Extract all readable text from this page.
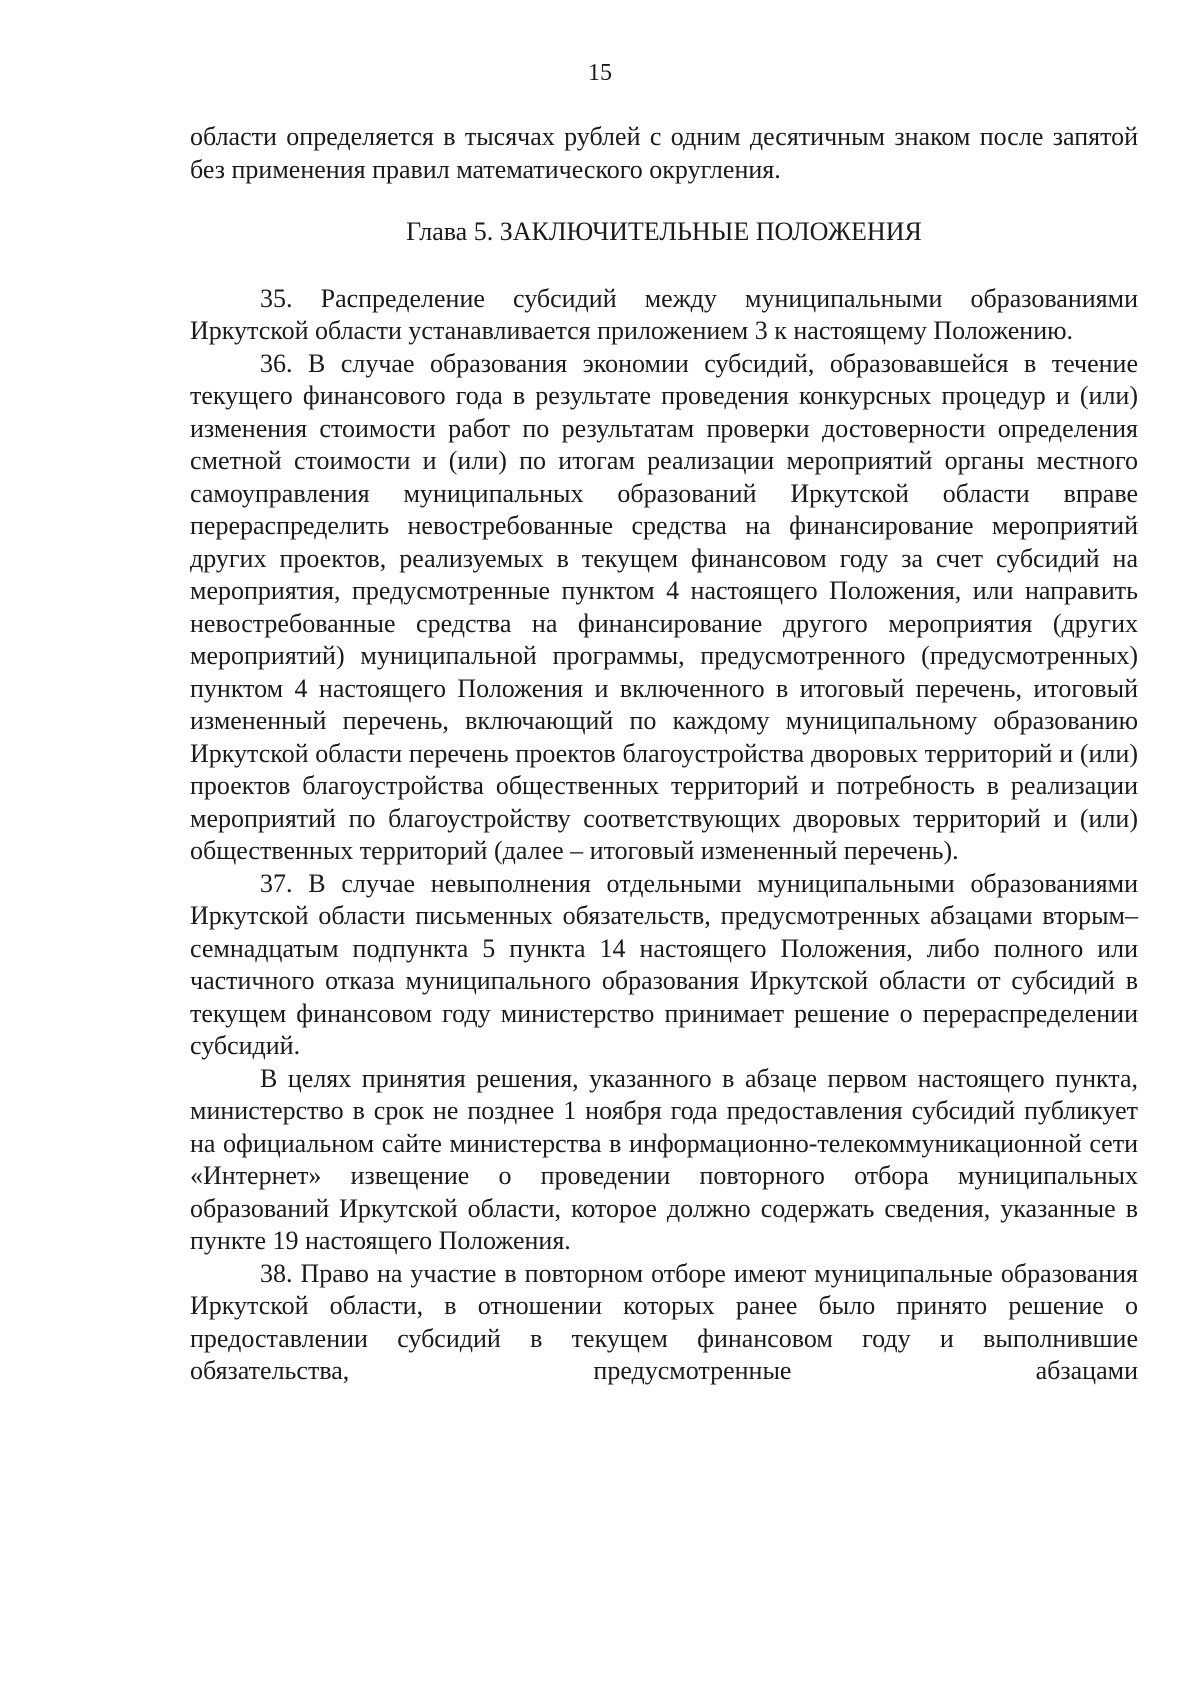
15

области определяется в тысячах рублей с одним десятичным знаком после запятой без применения правил математического округления.

Глава 5. ЗАКЛЮЧИТЕЛЬНЫЕ ПОЛОЖЕНИЯ

35. Распределение субсидий между муниципальными образованиями Иркутской области устанавливается приложением 3 к настоящему Положению.

36. В случае образования экономии субсидий, образовавшейся в течение текущего финансового года в результате проведения конкурсных процедур и (или) изменения стоимости работ по результатам проверки достоверности определения сметной стоимости и (или) по итогам реализации мероприятий органы местного самоуправления муниципальных образований Иркутской области вправе перераспределить невостребованные средства на финансирование мероприятий других проектов, реализуемых в текущем финансовом году за счет субсидий на мероприятия, предусмотренные пунктом 4 настоящего Положения, или направить невостребованные средства на финансирование другого мероприятия (других мероприятий) муниципальной программы, предусмотренного (предусмотренных) пунктом 4 настоящего Положения и включенного в итоговый перечень, итоговый измененный перечень, включающий по каждому муниципальному образованию Иркутской области перечень проектов благоустройства дворовых территорий и (или) проектов благоустройства общественных территорий и потребность в реализации мероприятий по благоустройству соответствующих дворовых территорий и (или) общественных территорий (далее – итоговый измененный перечень).

37. В случае невыполнения отдельными муниципальными образованиями Иркутской области письменных обязательств, предусмотренных абзацами вторым– семнадцатым подпункта 5 пункта 14 настоящего Положения, либо полного или частичного отказа муниципального образования Иркутской области от субсидий в текущем финансовом году министерство принимает решение о перераспределении субсидий.

В целях принятия решения, указанного в абзаце первом настоящего пункта, министерство в срок не позднее 1 ноября года предоставления субсидий публикует на официальном сайте министерства в информационно-телекоммуникационной сети «Интернет» извещение о проведении повторного отбора муниципальных образований Иркутской области, которое должно содержать сведения, указанные в пункте 19 настоящего Положения.

38. Право на участие в повторном отборе имеют муниципальные образования Иркутской области, в отношении которых ранее было принято решение о предоставлении субсидий в текущем финансовом году и выполнившие обязательства, предусмотренные абзацами
